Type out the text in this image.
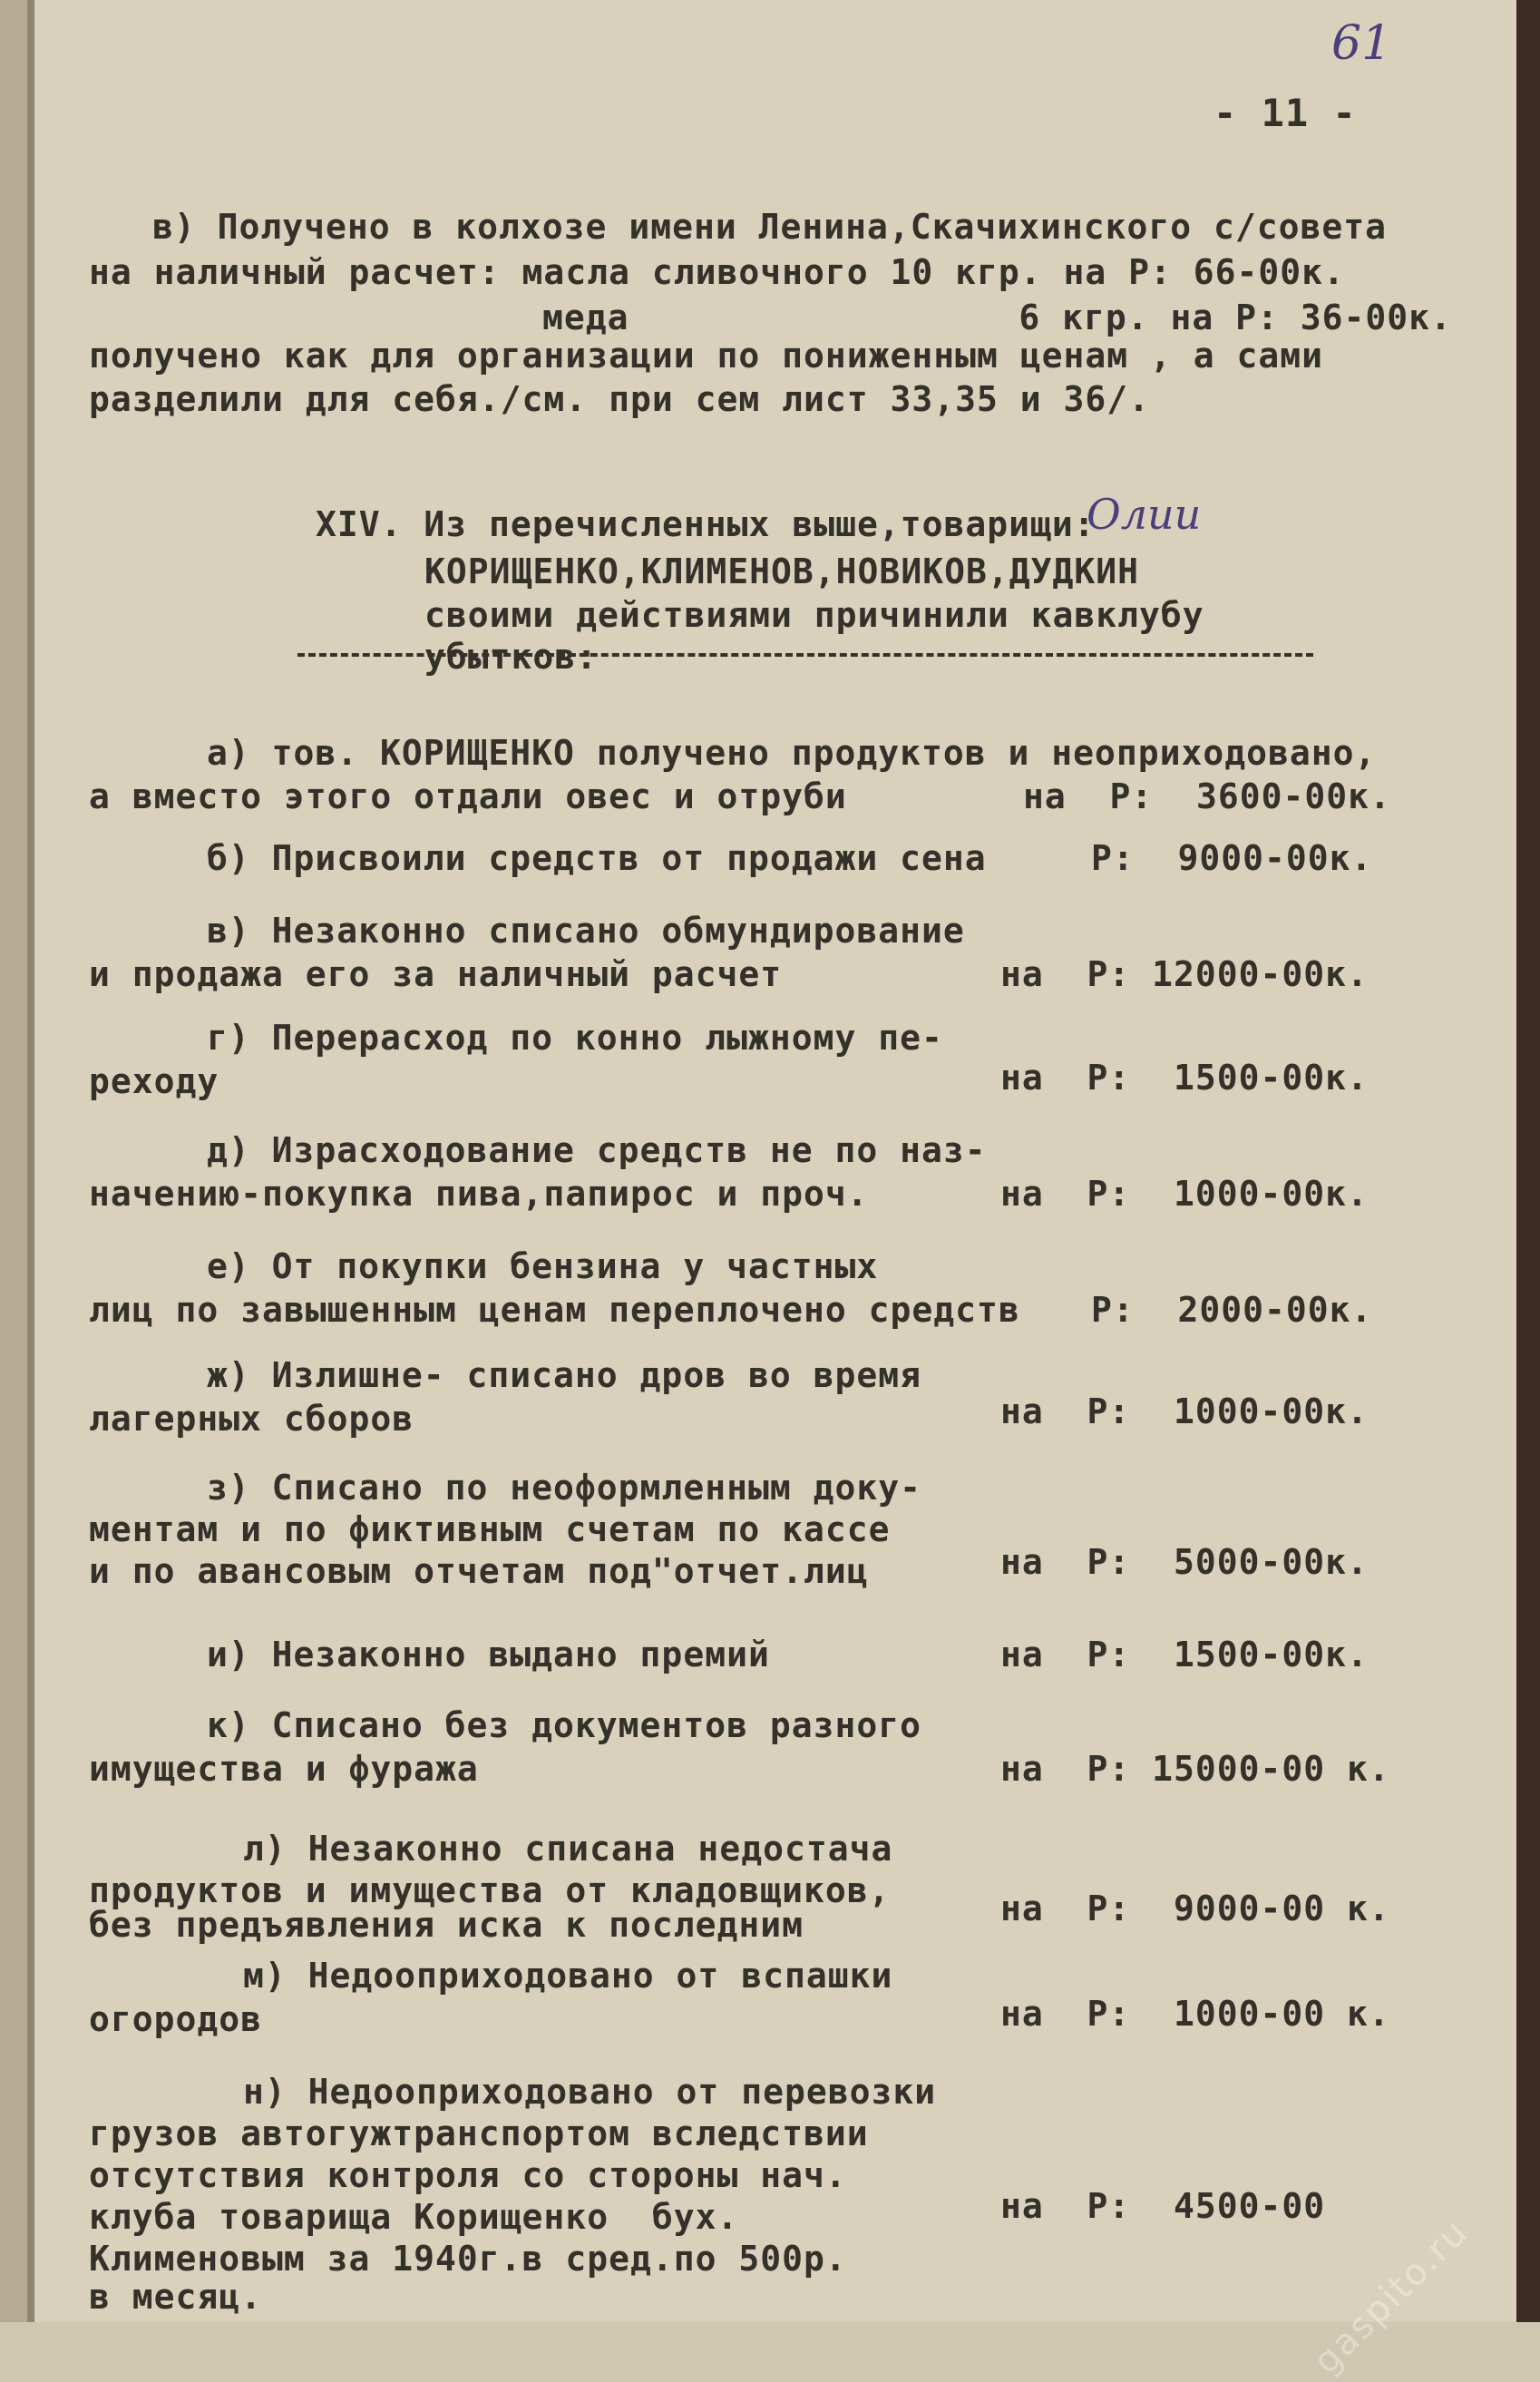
61
- 11 -
в) Получено в колхозе имени Ленина,Скачихинского с/совета
на наличный расчет: масла сливочного 10 кгр. на Р: 66-00к.
меда                  6 кгр. на Р: 36-00к.
получено как для организации по пониженным ценам , а сами
разделили для себя./см. при сем лист 33,35 и 36/.
XIV. Из перечисленных выше,товарищи:
Олии
КОРИЩЕНКО,КЛИМЕНОВ,НОВИКОВ,ДУДКИН
своими действиями причинили кавклубу
убытков:
а) тов. КОРИЩЕНКО получено продуктов и неоприходовано,
а вместо этого отдали овес и отруби	на  Р:  3600-00к.
б) Присвоили средств от продажи сена	Р:  9000-00к.
в) Незаконно списано обмундирование
и продажа его за наличный расчет	на  Р: 12000-00к.
г) Перерасход по конно лыжному пе-
реходу	на  Р:  1500-00к.
д) Израсходование средств не по наз-
начению-покупка пива,папирос и проч.	на  Р:  1000-00к.
е) От покупки бензина у частных
лиц по завышенным ценам переплочено средств Р:  2000-00к.
ж) Излишне- списано дров во время
лагерных сборов	на  Р:  1000-00к.
з) Списано по неоформленным доку-
ментам и по фиктивным счетам по кассе
и по авансовым отчетам под"отчет.лиц	на  Р:  5000-00к.
и) Незаконно выдано премий	на  Р:  1500-00к.
к) Списано без документов разного
имущества и фуража	на  Р: 15000-00 к.
л) Незаконно списана недостача
продуктов и имущества от кладовщиков,
без предъявления иска к последним	на  Р:  9000-00 к.
м) Недооприходовано от вспашки
огородов	на  Р:  1000-00 к.
н) Недооприходовано от перевозки
грузов автогужтранспортом вследствии
отсутствия контроля со стороны нач.
клуба товарища Корищенко  бух.
Клименовым за 1940г.в сред.по 500р.
в месяц.
на  Р:  4500-00
gaspito.ru
